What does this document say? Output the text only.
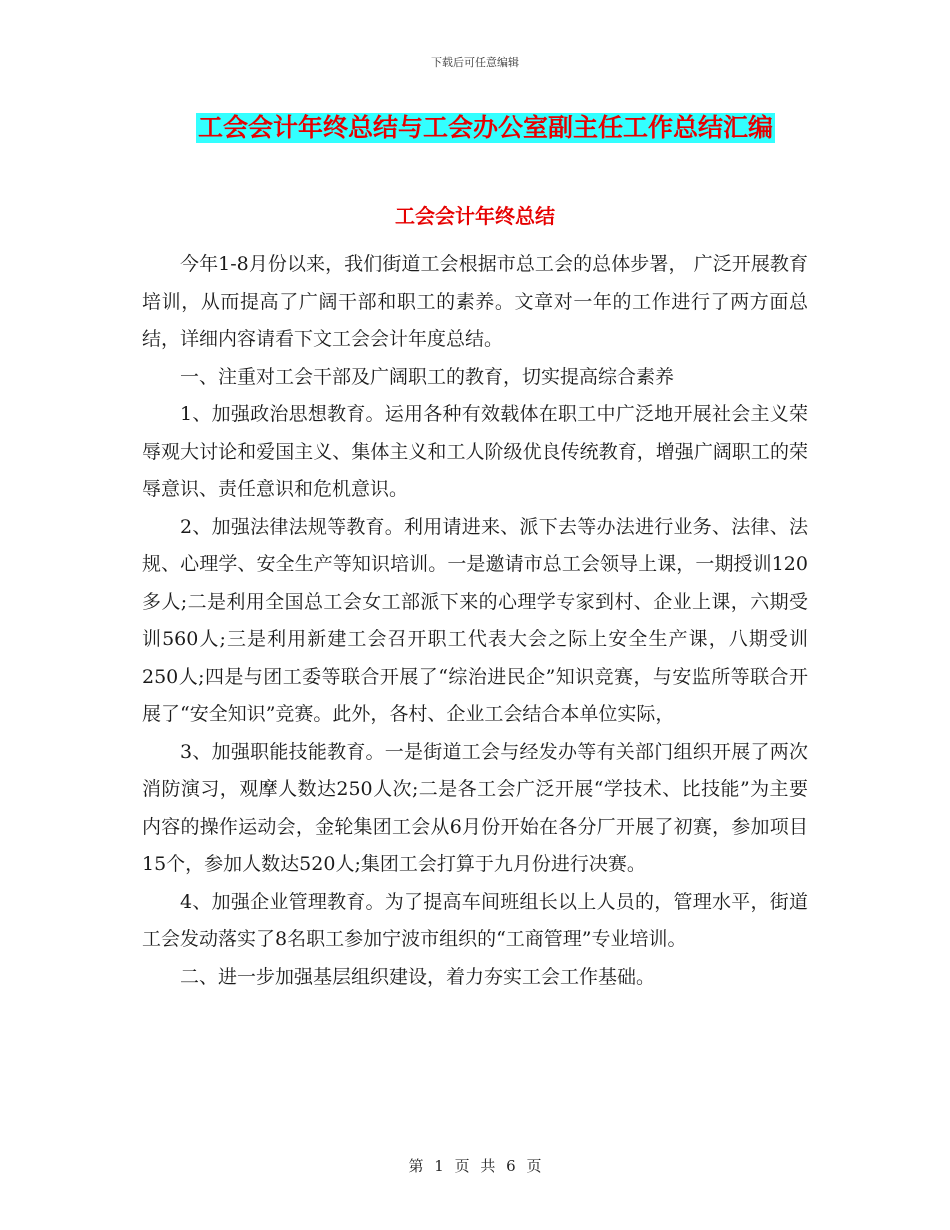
下载后可任意编辑
工会会计年终总结与工会办公室副主任工作总结汇编
工会会计年终总结

今年1-8月份以来，我们街道工会根据市总工会的总体步署， 广泛开展教育培训，从而提高了广阔干部和职工的素养。文章对一年的工作进行了两方面总结，详细内容请看下文工会会计年度总结。

一、注重对工会干部及广阔职工的教育，切实提高综合素养

1、加强政治思想教育。运用各种有效载体在职工中广泛地开展社会主义荣辱观大讨论和爱国主义、集体主义和工人阶级优良传统教育，增强广阔职工的荣辱意识、责任意识和危机意识。

2、加强法律法规等教育。利用请进来、派下去等办法进行业务、法律、法规、心理学、安全生产等知识培训。一是邀请市总工会领导上课，一期授训120多人;二是利用全国总工会女工部派下来的心理学专家到村、企业上课，六期受训560人;三是利用新建工会召开职工代表大会之际上安全生产课，八期受训250人;四是与团工委等联合开展了“综治进民企”知识竞赛，与安监所等联合开展了“安全知识”竞赛。此外，各村、企业工会结合本单位实际，

3、加强职能技能教育。一是街道工会与经发办等有关部门组织开展了两次消防演习，观摩人数达250人次;二是各工会广泛开展“学技术、比技能”为主要内容的操作运动会，金轮集团工会从6月份开始在各分厂开展了初赛，参加项目15个，参加人数达520人;集团工会打算于九月份进行决赛。

4、加强企业管理教育。为了提高车间班组长以上人员的，管理水平，街道工会发动落实了8名职工参加宁波市组织的“工商管理”专业培训。

二、进一步加强基层组织建设，着力夯实工会工作基础。

第 1 页 共 6 页
